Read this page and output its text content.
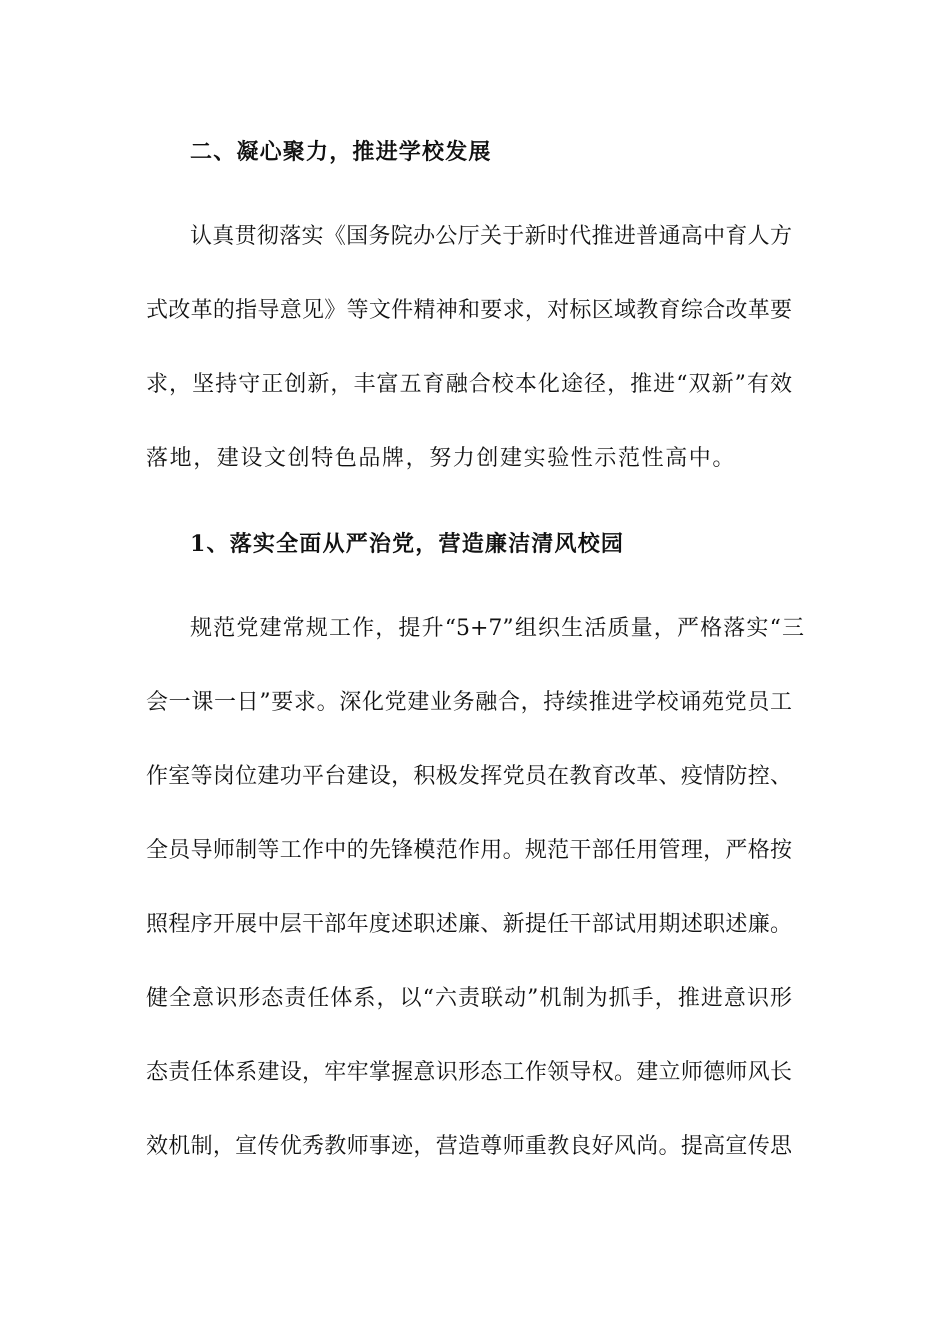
二、凝心聚力，推进学校发展
认真贯彻落实《国务院办公厅关于新时代推进普通高中育人方
式改革的指导意见》等文件精神和要求，对标区域教育综合改革要
求，坚持守正创新，丰富五育融合校本化途径，推进“双新”有效
落地，建设文创特色品牌，努力创建实验性示范性高中。
1、落实全面从严治党，营造廉洁清风校园
规范党建常规工作，提升“5+7”组织生活质量，严格落实“三
会一课一日”要求。深化党建业务融合，持续推进学校诵苑党员工
作室等岗位建功平台建设，积极发挥党员在教育改革、疫情防控、
全员导师制等工作中的先锋模范作用。规范干部任用管理，严格按
照程序开展中层干部年度述职述廉、新提任干部试用期述职述廉。
健全意识形态责任体系，以“六责联动”机制为抓手，推进意识形
态责任体系建设，牢牢掌握意识形态工作领导权。建立师德师风长
效机制，宣传优秀教师事迹，营造尊师重教良好风尚。提高宣传思
